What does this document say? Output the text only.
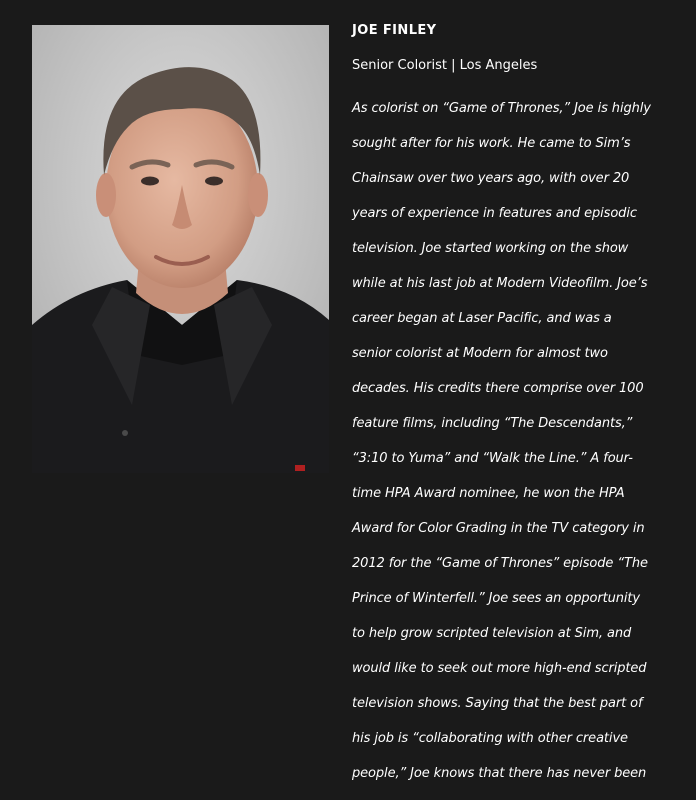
JOE FINLEY

Senior Colorist | Los Angeles

As colorist on “Game of Thrones,” Joe is highly
sought after for his work. He came to Sim’s
Chainsaw over two years ago, with over 20
years of experience in features and episodic
television. Joe started working on the show
while at his last job at Modern Videofilm. Joe’s
career began at Laser Pacific, and was a
senior colorist at Modern for almost two
decades. His credits there comprise over 100
feature films, including “The Descendants,”
“3:10 to Yuma” and “Walk the Line.” A four-
time HPA Award nominee, he won the HPA
Award for Color Grading in the TV category in
2012 for the “Game of Thrones” episode “The
Prince of Winterfell.” Joe sees an opportunity
to help grow scripted television at Sim, and
would like to seek out more high-end scripted
television shows. Saying that the best part of
his job is “collaborating with other creative
people,” Joe knows that there has never been
